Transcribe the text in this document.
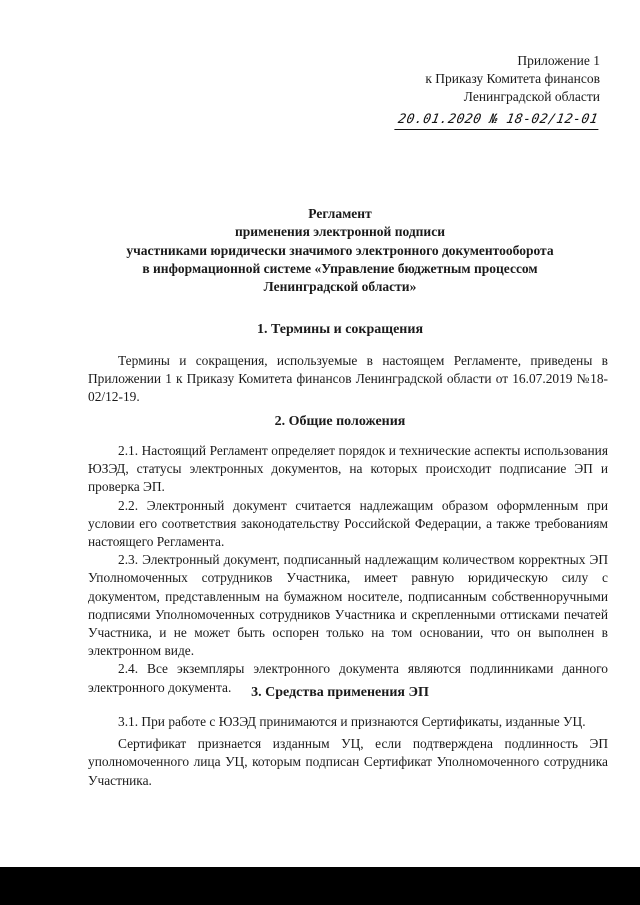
Приложение 1
к Приказу Комитета финансов
Ленинградской области
20.01.2020 № 18-02/12-01
Регламент
применения электронной подписи
участниками юридически значимого электронного документооборота
в информационной системе «Управление бюджетным процессом
Ленинградской области»
1. Термины и сокращения

Термины и сокращения, используемые в настоящем Регламенте, приведены в Приложении 1 к Приказу Комитета финансов Ленинградской области от 16.07.2019 №18-02/12-19.

2. Общие положения

2.1. Настоящий Регламент определяет порядок и технические аспекты использования ЮЗЭД, статусы электронных документов, на которых происходит подписание ЭП и проверка ЭП.

2.2. Электронный документ считается надлежащим образом оформленным при условии его соответствия законодательству Российской Федерации, а также требованиям настоящего Регламента.

2.3. Электронный документ, подписанный надлежащим количеством корректных ЭП Уполномоченных сотрудников Участника, имеет равную юридическую силу с документом, представленным на бумажном носителе, подписанным собственноручными подписями Уполномоченных сотрудников Участника и скрепленными оттисками печатей Участника, и не может быть оспорен только на том основании, что он выполнен в электронном виде.

2.4. Все экземпляры электронного документа являются подлинниками данного электронного документа.	3. Средства применения ЭП

3.1. При работе с ЮЗЭД принимаются и признаются Сертификаты, изданные УЦ.

Сертификат признается изданным УЦ, если подтверждена подлинность ЭП уполномоченного лица УЦ, которым подписан Сертификат Уполномоченного сотрудника Участника.
